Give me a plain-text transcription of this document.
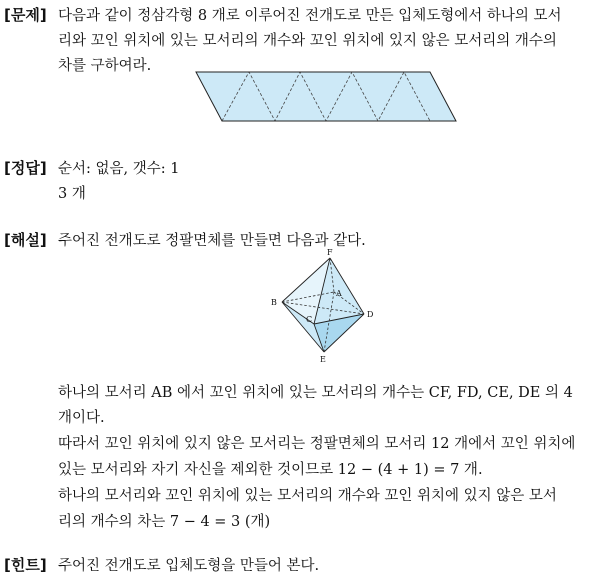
[문제] 다음과 같이 정삼각형 8 개로 이루어진 전개도로 만든 입체도형에서 하나의 모서
리와 꼬인 위치에 있는 모서리의 개수와 꼬인 위치에 있지 않은 모서리의 개수의
차를 구하여라.
[정답] 순서: 없음, 갯수: 1
3 개
[해설] 주어진 전개도로 정팔면체를 만들면 다음과 같다.
F
A
B
C
D
E
하나의 모서리 AB 에서 꼬인 위치에 있는 모서리의 개수는 CF, FD, CE, DE 의 4
개이다.
따라서 꼬인 위치에 있지 않은 모서리는 정팔면체의 모서리 12 개에서 꼬인 위치에
있는 모서리와 자기 자신을 제외한 것이므로 12 − (4 + 1) = 7 개.
하나의 모서리와 꼬인 위치에 있는 모서리의 개수와 꼬인 위치에 있지 않은 모서
리의 개수의 차는 7 − 4 = 3 (개)
[힌트] 주어진 전개도로 입체도형을 만들어 본다.
